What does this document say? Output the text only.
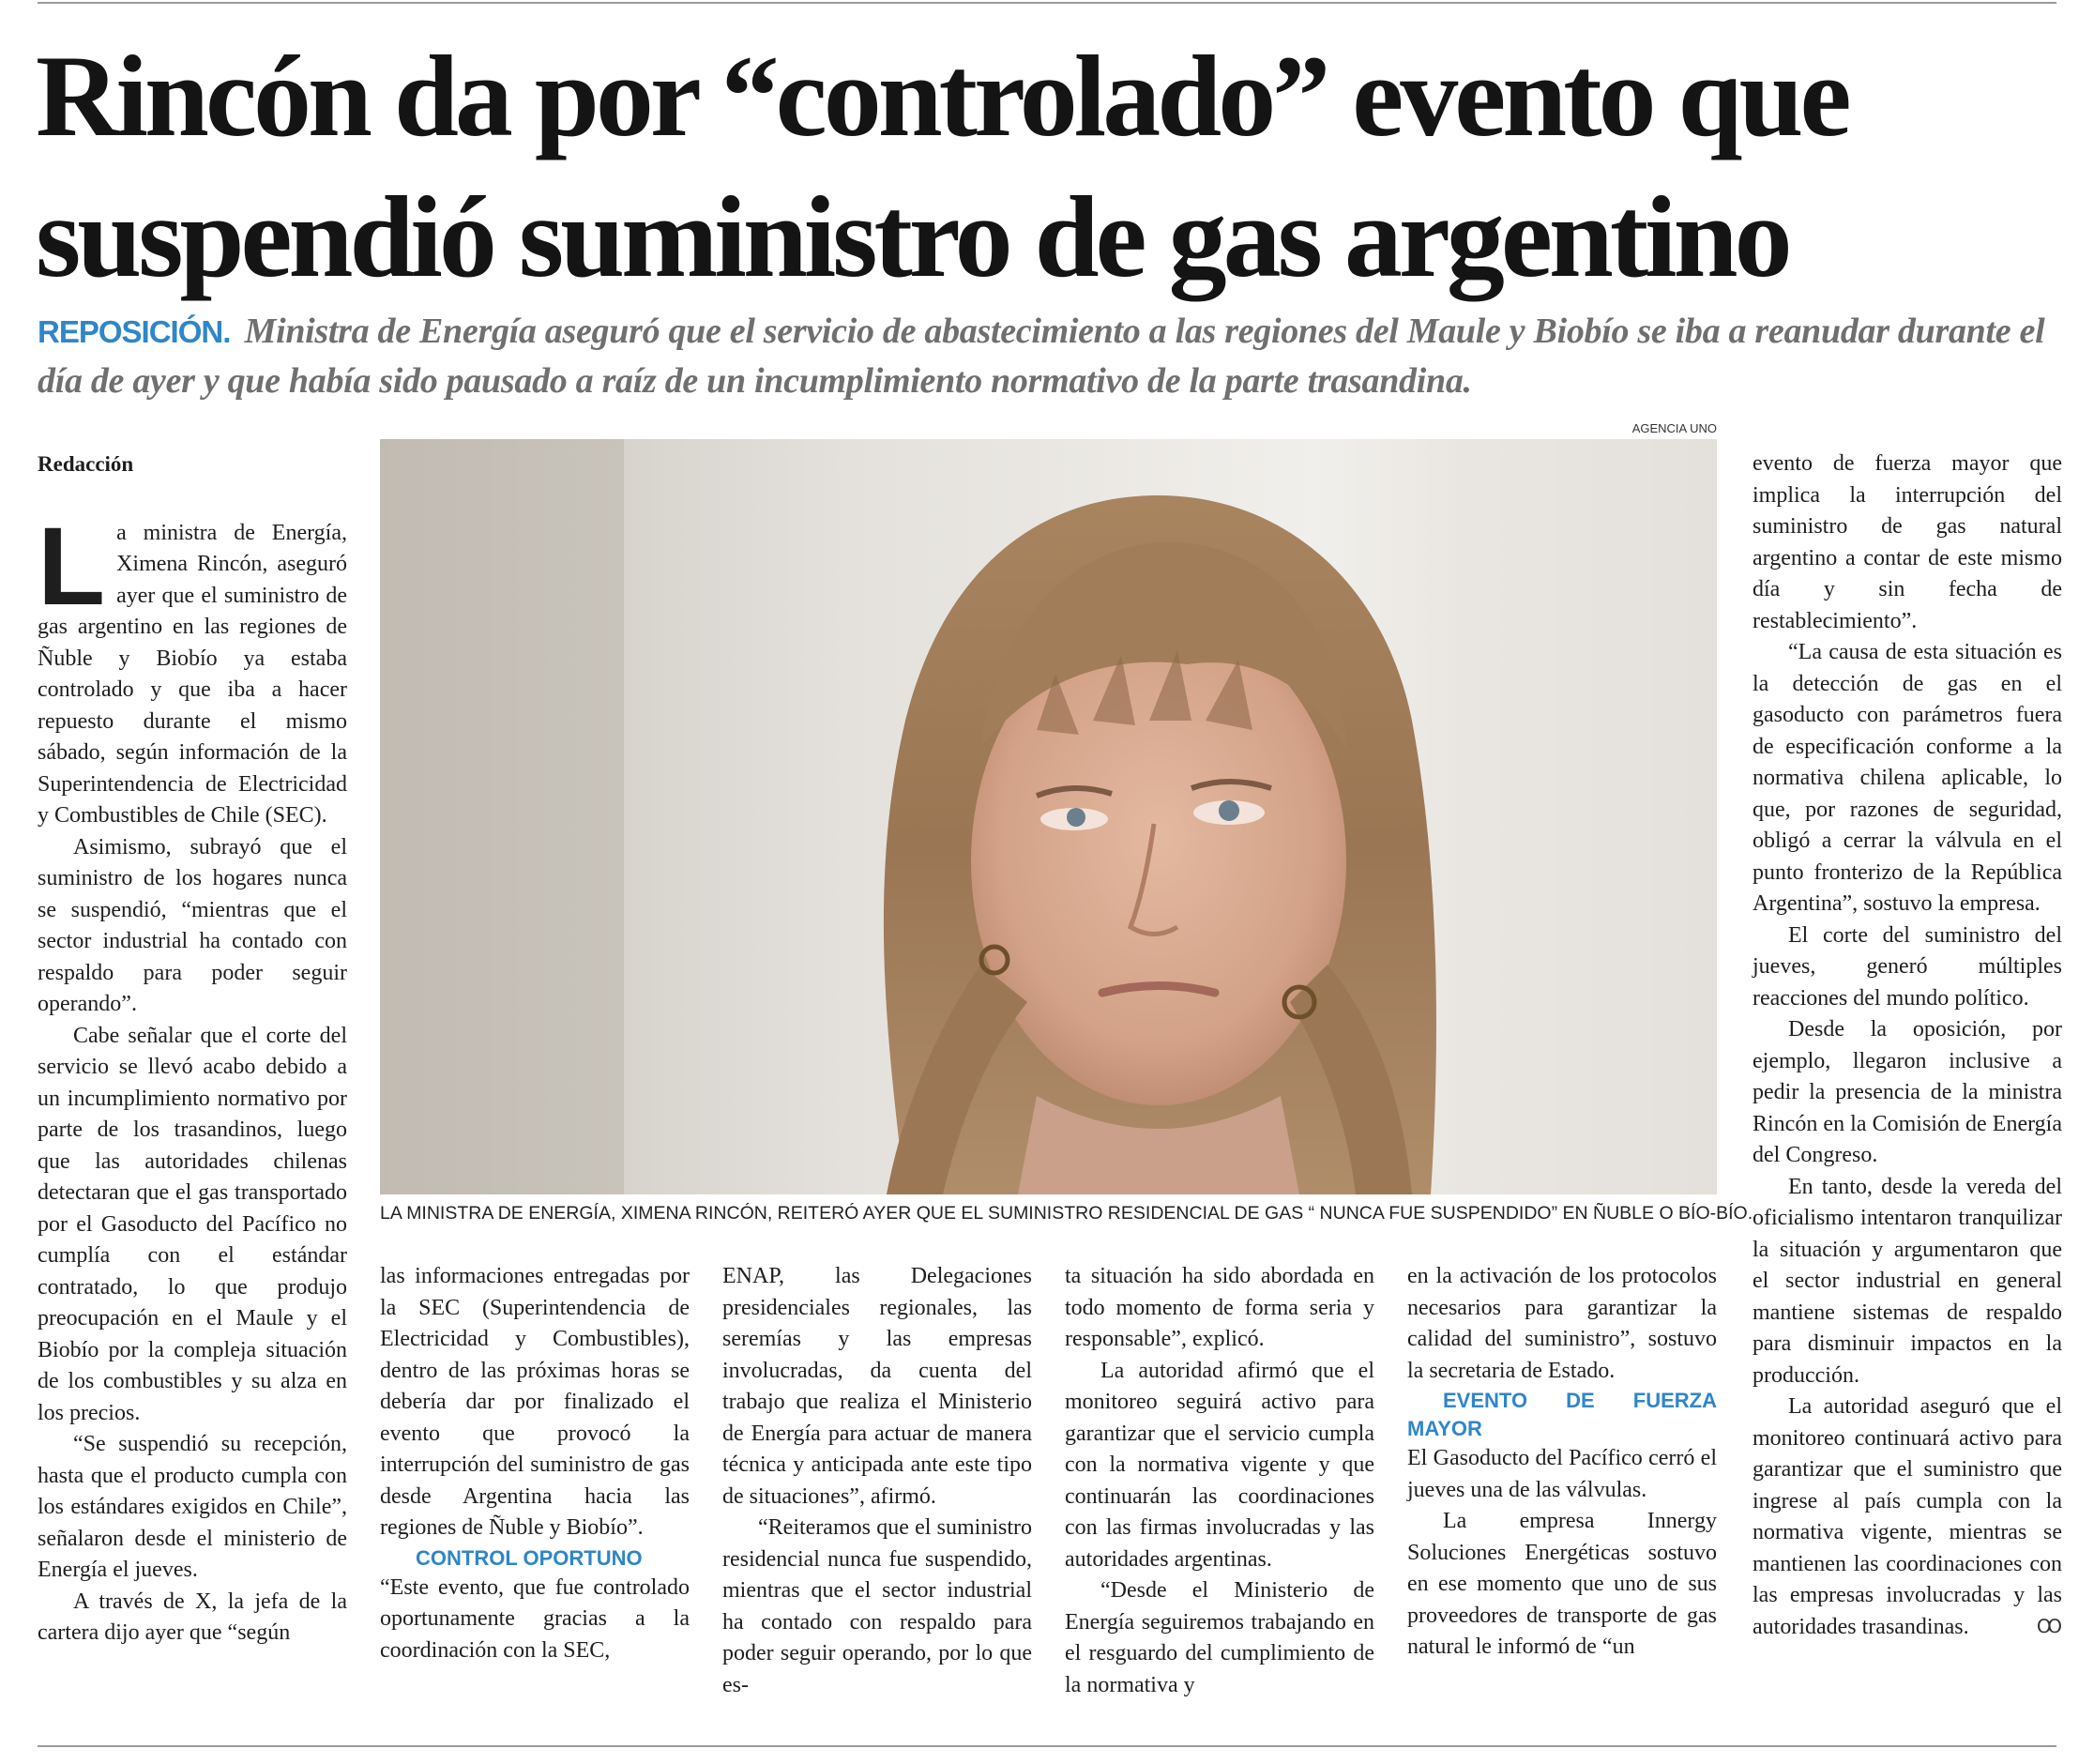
Rincón da por “controlado” evento que
suspendió suministro de gas argentino

REPOSICIÓN. Ministra de Energía aseguró que el servicio de abastecimiento a las regiones del Maule y Biobío se iba a reanudar durante el día de ayer y que había sido pausado a raíz de un incumplimiento normativo de la parte trasandina.

AGENCIA UNO
LA MINISTRA DE ENERGÍA, XIMENA RINCÓN, REITERÓ AYER QUE EL SUMINISTRO RESIDENCIAL DE GAS “ NUNCA FUE SUSPENDIDO” EN ÑUBLE O BÍO-BÍO.

Redacción

La ministra de Energía, Ximena Rincón, aseguró ayer que el suministro de gas argentino en las regiones de Ñuble y Biobío ya estaba controlado y que iba a hacer repuesto durante el mismo sábado, según información de la Superintendencia de Electricidad y Combustibles de Chile (SEC).

Asimismo, subrayó que el suministro de los hogares nunca se suspendió, “mientras que el sector industrial ha contado con respaldo para poder seguir operando”.

Cabe señalar que el corte del servicio se llevó acabo debido a un incumplimiento normativo por parte de los trasandinos, luego que las autoridades chilenas detectaran que el gas transportado por el Gasoducto del Pacífico no cumplía con el estándar contratado, lo que produjo preocupación en el Maule y el Biobío por la compleja situación de los combustibles y su alza en los precios.

“Se suspendió su recepción, hasta que el producto cumpla con los estándares exigidos en Chile”, señalaron desde el ministerio de Energía el jueves.

A través de X, la jefa de la cartera dijo ayer que “según

las informaciones entregadas por la SEC (Superintendencia de Electricidad y Combustibles), dentro de las próximas horas se debería dar por finalizado el evento que provocó la interrupción del suministro de gas desde Argentina hacia las regiones de Ñuble y Biobío”.

CONTROL OPORTUNO

“Este evento, que fue controlado oportunamente gracias a la coordinación con la SEC,

ENAP, las Delegaciones presidenciales regionales, las seremías y las empresas involucradas, da cuenta del trabajo que realiza el Ministerio de Energía para actuar de manera técnica y anticipada ante este tipo de situaciones”, afirmó.

“Reiteramos que el suministro residencial nunca fue suspendido, mientras que el sector industrial ha contado con respaldo para poder seguir operando, por lo que es-

ta situación ha sido abordada en todo momento de forma seria y responsable”, explicó.

La autoridad afirmó que el monitoreo seguirá activo para garantizar que el servicio cumpla con la normativa vigente y que continuarán las coordinaciones con las firmas involucradas y las autoridades argentinas.

“Desde el Ministerio de Energía seguiremos trabajando en el resguardo del cumplimiento de la normativa y

en la activación de los protocolos necesarios para garantizar la calidad del suministro”, sostuvo la secretaria de Estado.

EVENTO DE FUERZA MAYOR

El Gasoducto del Pacífico cerró el jueves una de las válvulas.

La empresa Innergy Soluciones Energéticas sostuvo en ese momento que uno de sus proveedores de transporte de gas natural le informó de “un

evento de fuerza mayor que implica la interrupción del suministro de gas natural argentino a contar de este mismo día y sin fecha de restablecimiento”.

“La causa de esta situación es la detección de gas en el gasoducto con parámetros fuera de especificación conforme a la normativa chilena aplicable, lo que, por razones de seguridad, obligó a cerrar la válvula en el punto fronterizo de la República Argentina”, sostuvo la empresa.

El corte del suministro del jueves, generó múltiples reacciones del mundo político.

Desde la oposición, por ejemplo, llegaron inclusive a pedir la presencia de la ministra Rincón en la Comisión de Energía del Congreso.

En tanto, desde la vereda del oficialismo intentaron tranquilizar la situación y argumentaron que el sector industrial en general mantiene sistemas de respaldo para disminuir impactos en la producción.

La autoridad aseguró que el monitoreo continuará activo para garantizar que el suministro que ingrese al país cumpla con la normativa vigente, mientras se mantienen las coordinaciones con las empresas involucradas y las autoridades trasandinas.	Ꝏ
